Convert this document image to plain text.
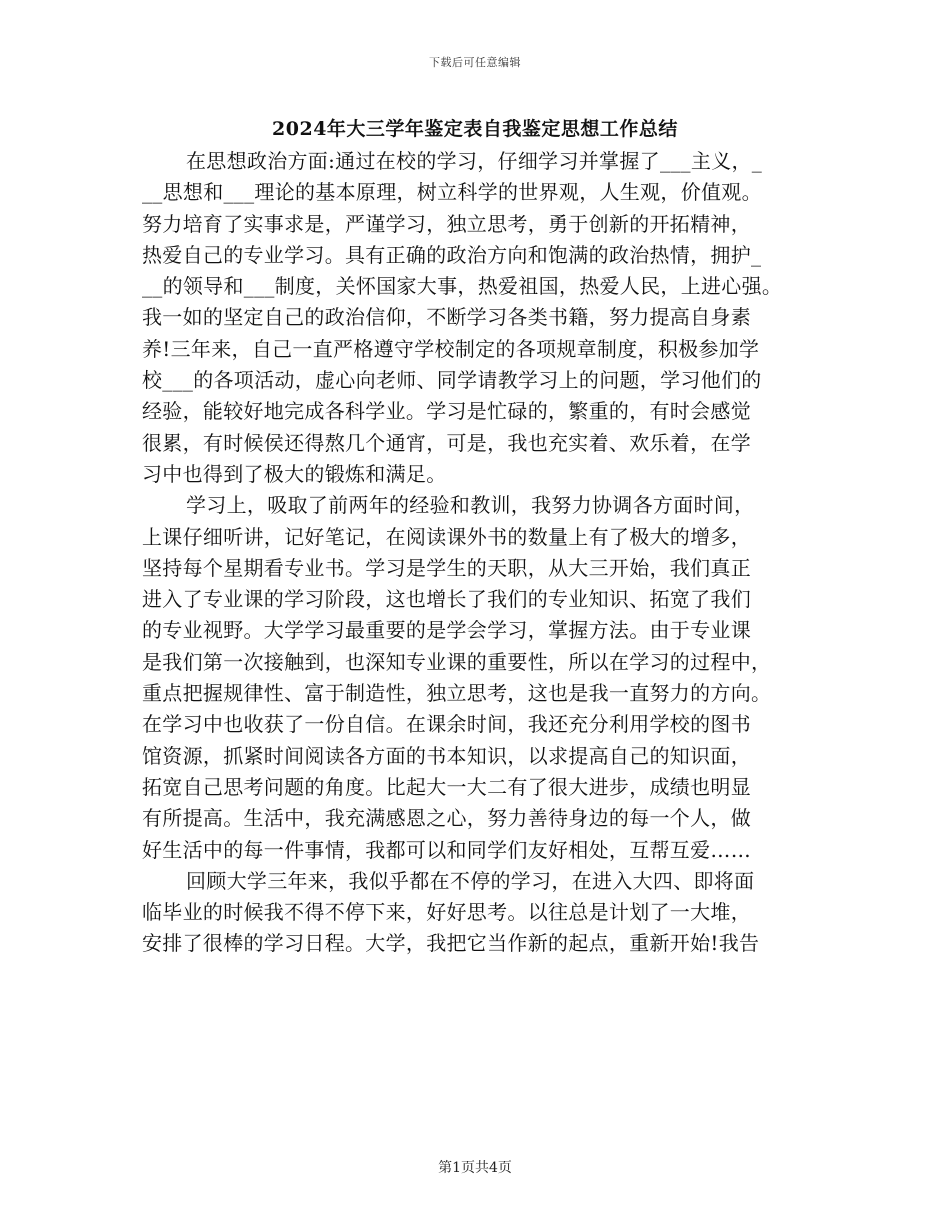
下载后可任意编辑
2024年大三学年鉴定表自我鉴定思想工作总结
在思想政治方面:通过在校的学习，仔细学习并掌握了___主义，_
__思想和___理论的基本原理，树立科学的世界观，人生观，价值观。
努力培育了实事求是，严谨学习，独立思考，勇于创新的开拓精神，
热爱自己的专业学习。具有正确的政治方向和饱满的政治热情，拥护_
__的领导和___制度，关怀国家大事，热爱祖国，热爱人民，上进心强。
我一如的坚定自己的政治信仰，不断学习各类书籍，努力提高自身素
养!三年来，自己一直严格遵守学校制定的各项规章制度，积极参加学
校___的各项活动，虚心向老师、同学请教学习上的问题，学习他们的
经验，能较好地完成各科学业。学习是忙碌的，繁重的，有时会感觉
很累，有时候侯还得熬几个通宵，可是，我也充实着、欢乐着，在学
习中也得到了极大的锻炼和满足。
学习上，吸取了前两年的经验和教训，我努力协调各方面时间，
上课仔细听讲，记好笔记，在阅读课外书的数量上有了极大的增多，
坚持每个星期看专业书。学习是学生的天职，从大三开始，我们真正
进入了专业课的学习阶段，这也增长了我们的专业知识、拓宽了我们
的专业视野。大学学习最重要的是学会学习，掌握方法。由于专业课
是我们第一次接触到，也深知专业课的重要性，所以在学习的过程中，
重点把握规律性、富于制造性，独立思考，这也是我一直努力的方向。
在学习中也收获了一份自信。在课余时间，我还充分利用学校的图书
馆资源，抓紧时间阅读各方面的书本知识，以求提高自己的知识面，
拓宽自己思考问题的角度。比起大一大二有了很大进步，成绩也明显
有所提高。生活中，我充满感恩之心，努力善待身边的每一个人，做
好生活中的每一件事情，我都可以和同学们友好相处，互帮互爱……
回顾大学三年来，我似乎都在不停的学习，在进入大四、即将面
临毕业的时候我不得不停下来，好好思考。以往总是计划了一大堆，
安排了很棒的学习日程。大学，我把它当作新的起点，重新开始!我告
第1页共4页
